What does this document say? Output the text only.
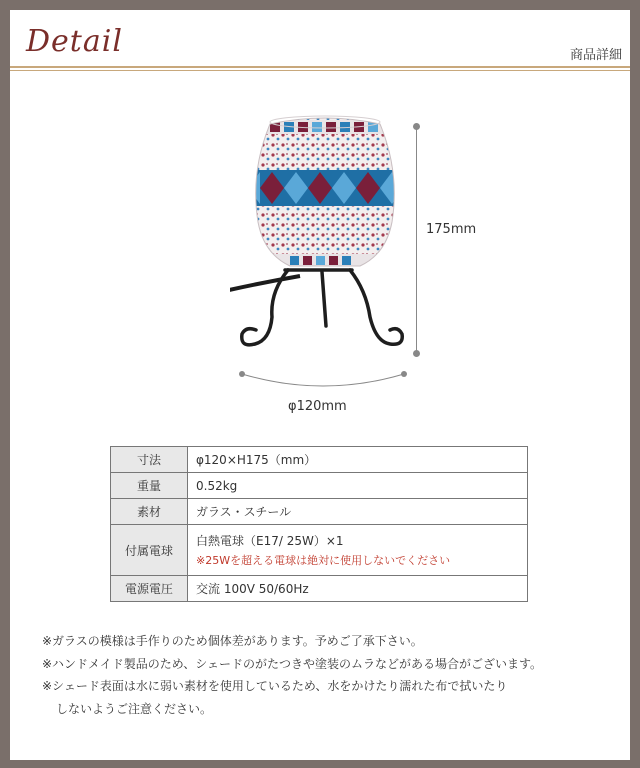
Detail	商品詳細
175mm
φ120mm
寸法	φ120×H175（mm）
重量	0.52kg
素材	ガラス・スチール
付属電球	白熱電球（E17/ 25W）×1
※25Wを超える電球は絶対に使用しないでください

電源電圧	交流 100V 50/60Hz
※ガラスの模様は手作りのため個体差があります。予めご了承下さい。
※ハンドメイド製品のため、シェードのがたつきや塗装のムラなどがある場合がございます。
※シェード表面は水に弱い素材を使用しているため、水をかけたり濡れた布で拭いたり
しないようご注意ください。
